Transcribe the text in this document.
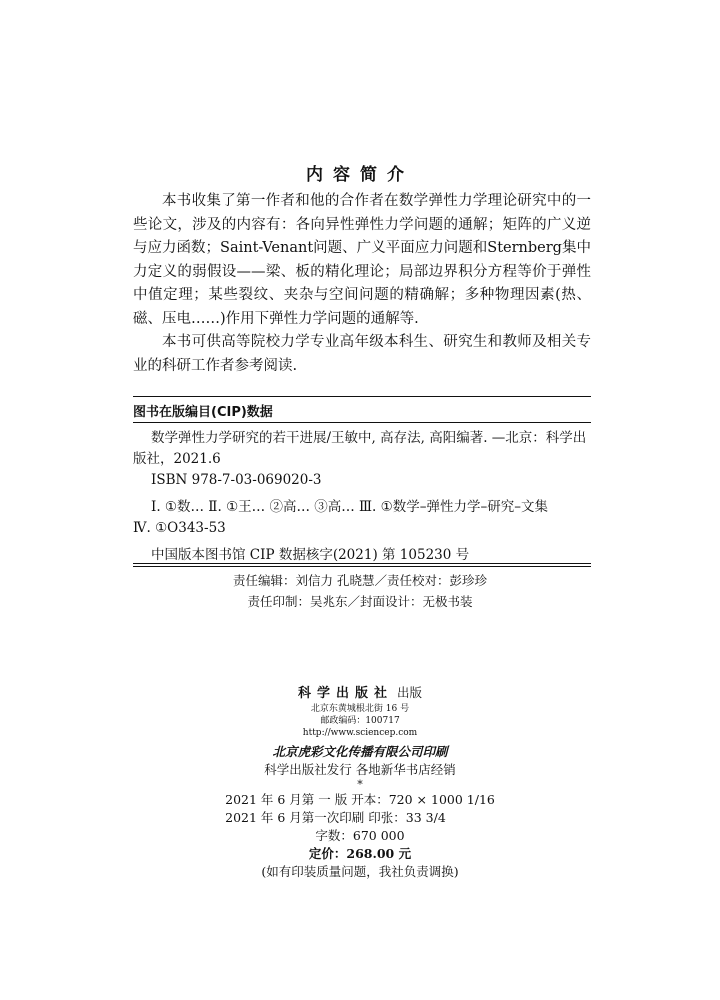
内容简介

本书收集了第一作者和他的合作者在数学弹性力学理论研究中的一些论文，涉及的内容有：各向异性弹性力学问题的通解；矩阵的广义逆与应力函数；Saint-Venant问题、广义平面应力问题和Sternberg集中力定义的弱假设——梁、板的精化理论；局部边界积分方程等价于弹性中值定理；某些裂纹、夹杂与空间问题的精确解；多种物理因素(热、磁、压电……)作用下弹性力学问题的通解等.

本书可供高等院校力学专业高年级本科生、研究生和教师及相关专业的科研工作者参考阅读.

图书在版编目(CIP)数据
数学弹性力学研究的若干进展/王敏中, 高存法, 高阳编著. —北京：科学出
版社，2021.6
ISBN 978-7-03-069020-3
Ⅰ. ①数… Ⅱ. ①王… ②高… ③高… Ⅲ. ①数学–弹性力学–研究–文集
Ⅳ. ①O343-53
中国版本图书馆 CIP 数据核字(2021) 第 105230 号
责任编辑：刘信力 孔晓慧／责任校对：彭珍珍
责任印制：吴兆东／封面设计：无极书装
科学出版社 出版
北京东黄城根北街 16 号
邮政编码：100717
http://www.sciencep.com
北京虎彩文化传播有限公司印刷
科学出版社发行 各地新华书店经销
*
2021 年 6 月第 一 版 开本：720 × 1000 1/16
2021 年 6 月第一次印刷 印张：33 3/4
字数：670 000
定价：268.00 元
(如有印装质量问题，我社负责调换)
